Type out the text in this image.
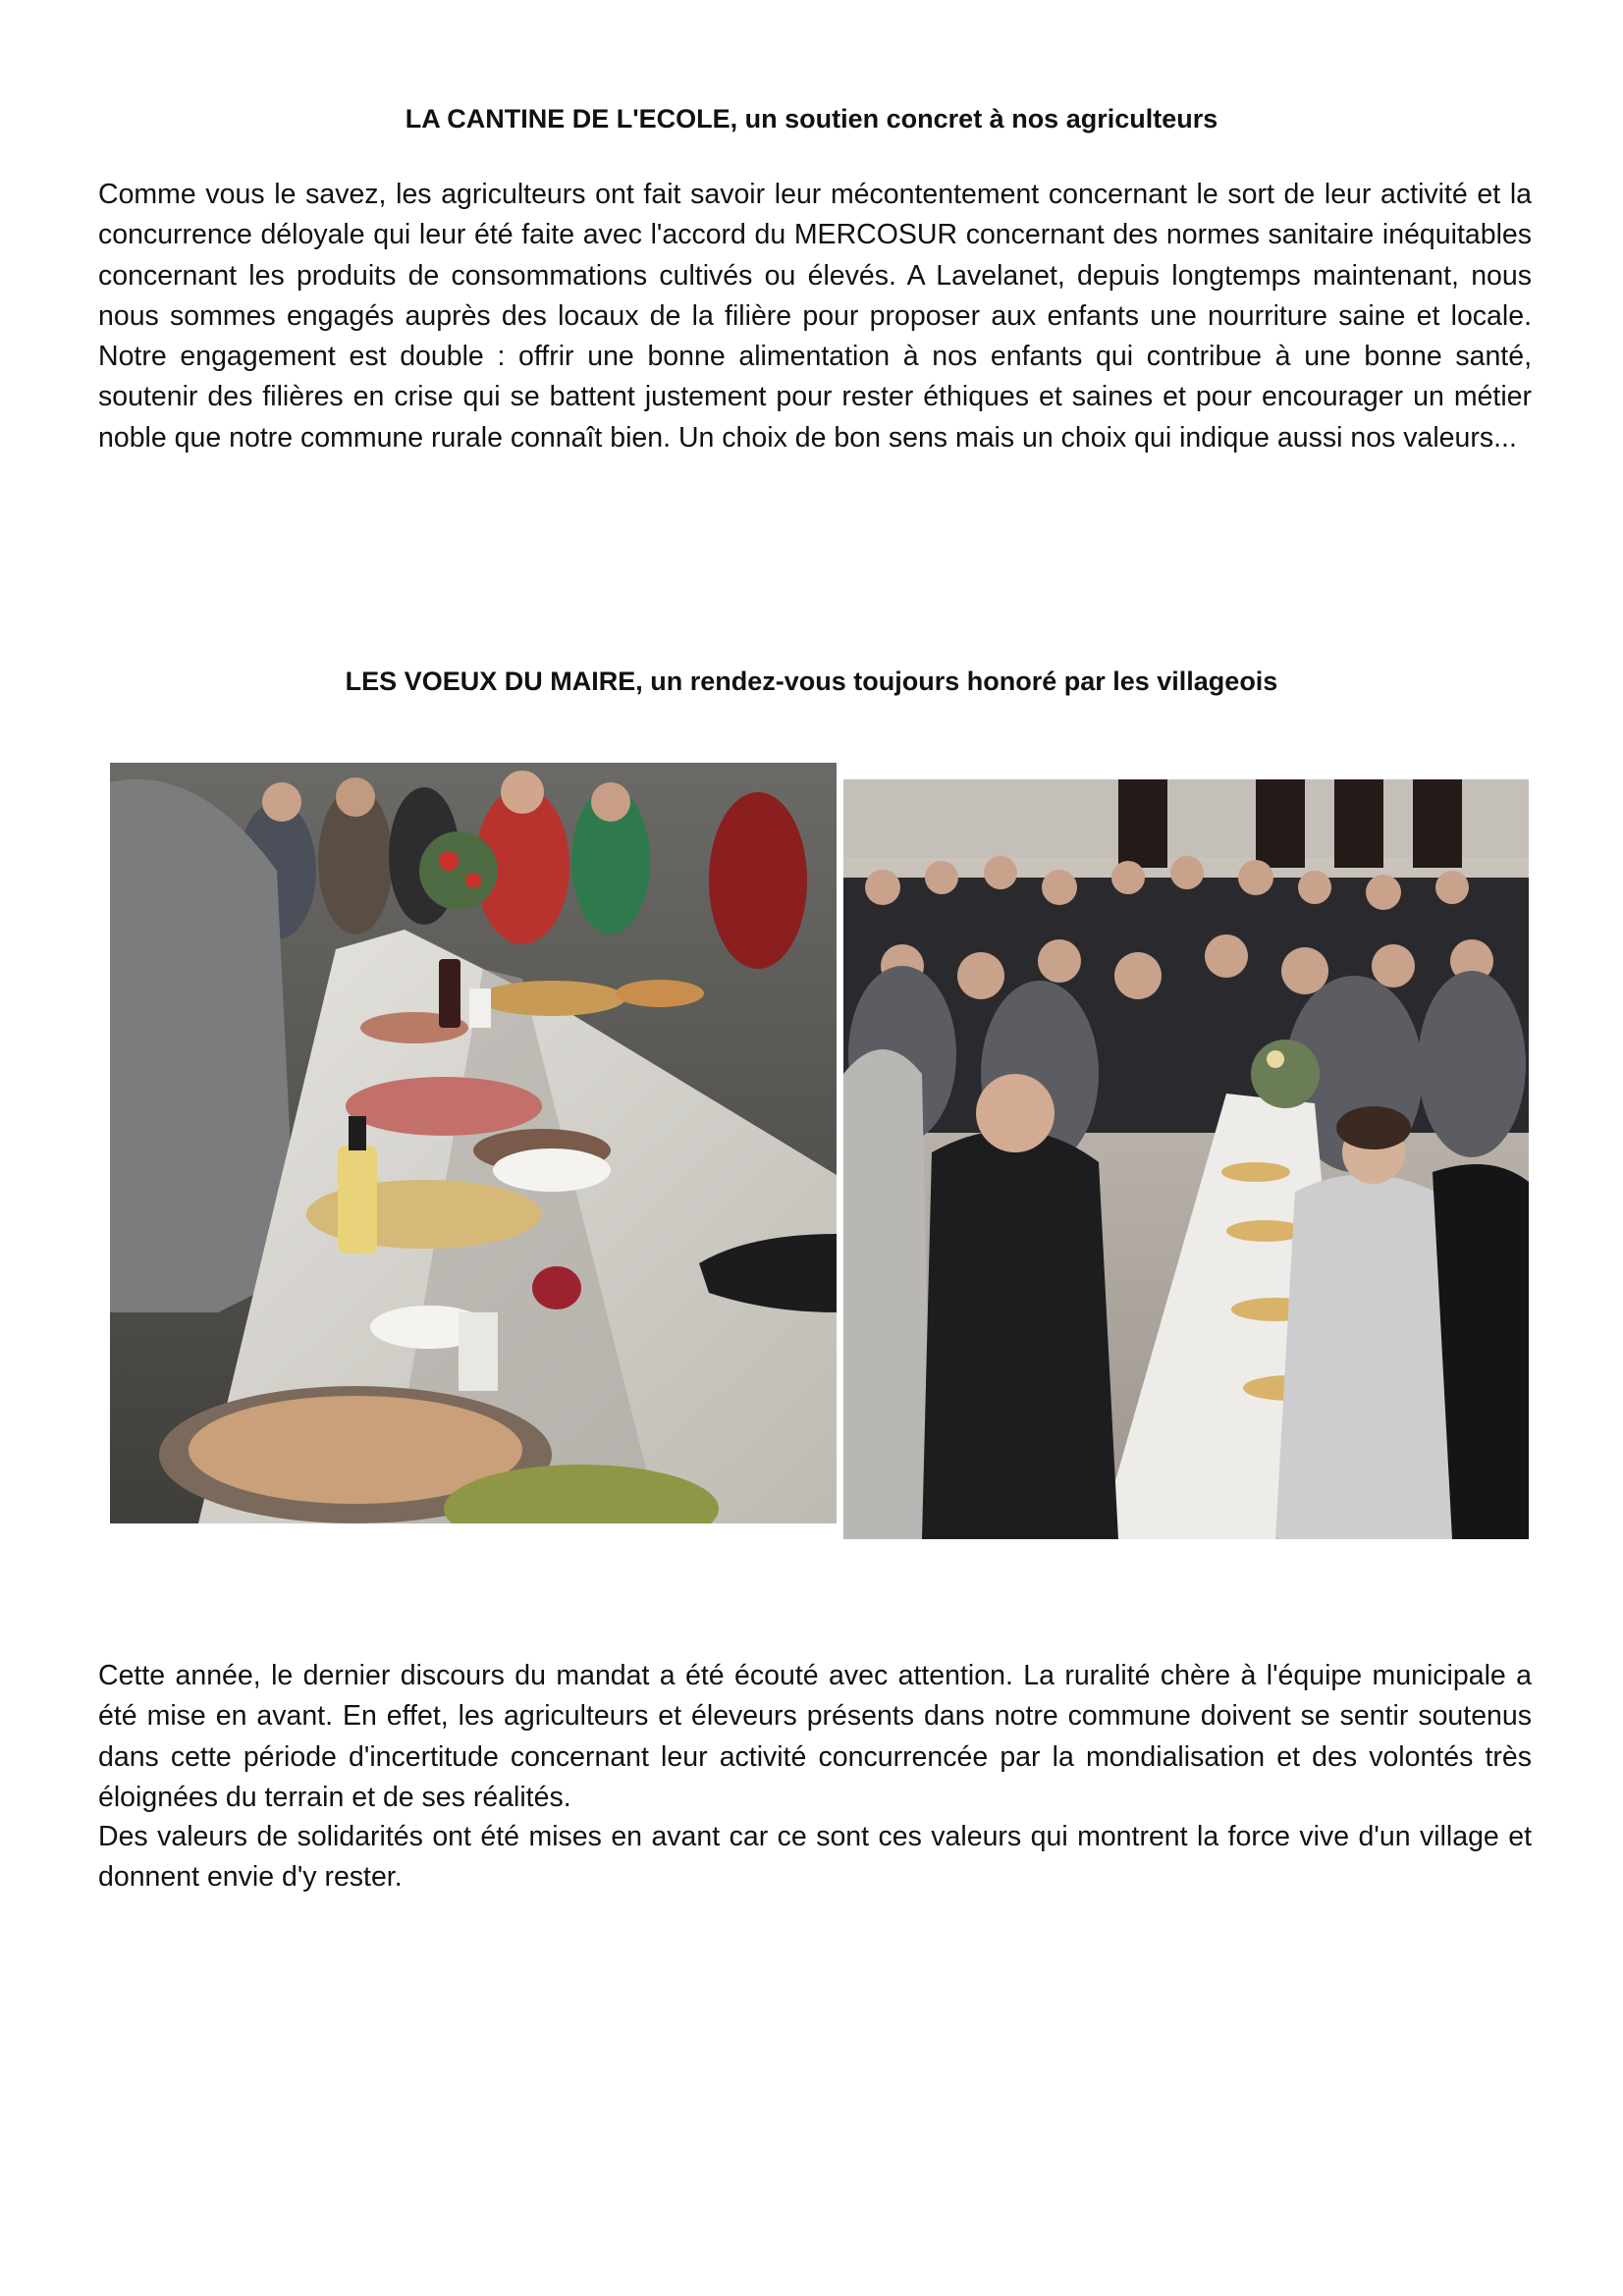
LA CANTINE DE L'ECOLE, un soutien concret à nos agriculteurs

Comme vous le savez, les agriculteurs ont fait savoir leur mécontentement concernant le sort de leur activité et la concurrence déloyale qui leur été faite avec l'accord du MERCOSUR concernant des normes sanitaire inéquitables concernant les produits de consommations cultivés ou élevés. A Lavelanet, depuis longtemps maintenant, nous nous sommes engagés auprès des locaux de la filière pour proposer aux enfants une nourriture saine et locale. Notre engagement est double : offrir une bonne alimentation à nos enfants qui contribue à une bonne santé, soutenir des filières en crise qui se battent justement pour rester éthiques et saines et pour encourager un métier noble que notre commune rurale connaît bien. Un choix de bon sens mais un choix qui indique aussi nos valeurs...

LES VOEUX DU MAIRE, un rendez-vous toujours honoré par les villageois

Cette année, le dernier discours du mandat a été écouté avec attention. La ruralité chère à l'équipe municipale a été mise en avant. En effet, les agriculteurs et éleveurs présents dans notre commune doivent se sentir soutenus dans cette période d'incertitude concernant leur activité concurrencée par la mondialisation et des volontés très éloignées du terrain et de ses réalités.

Des valeurs de solidarités ont été mises en avant car ce sont ces valeurs qui montrent la force vive d'un village et donnent envie d'y rester.
